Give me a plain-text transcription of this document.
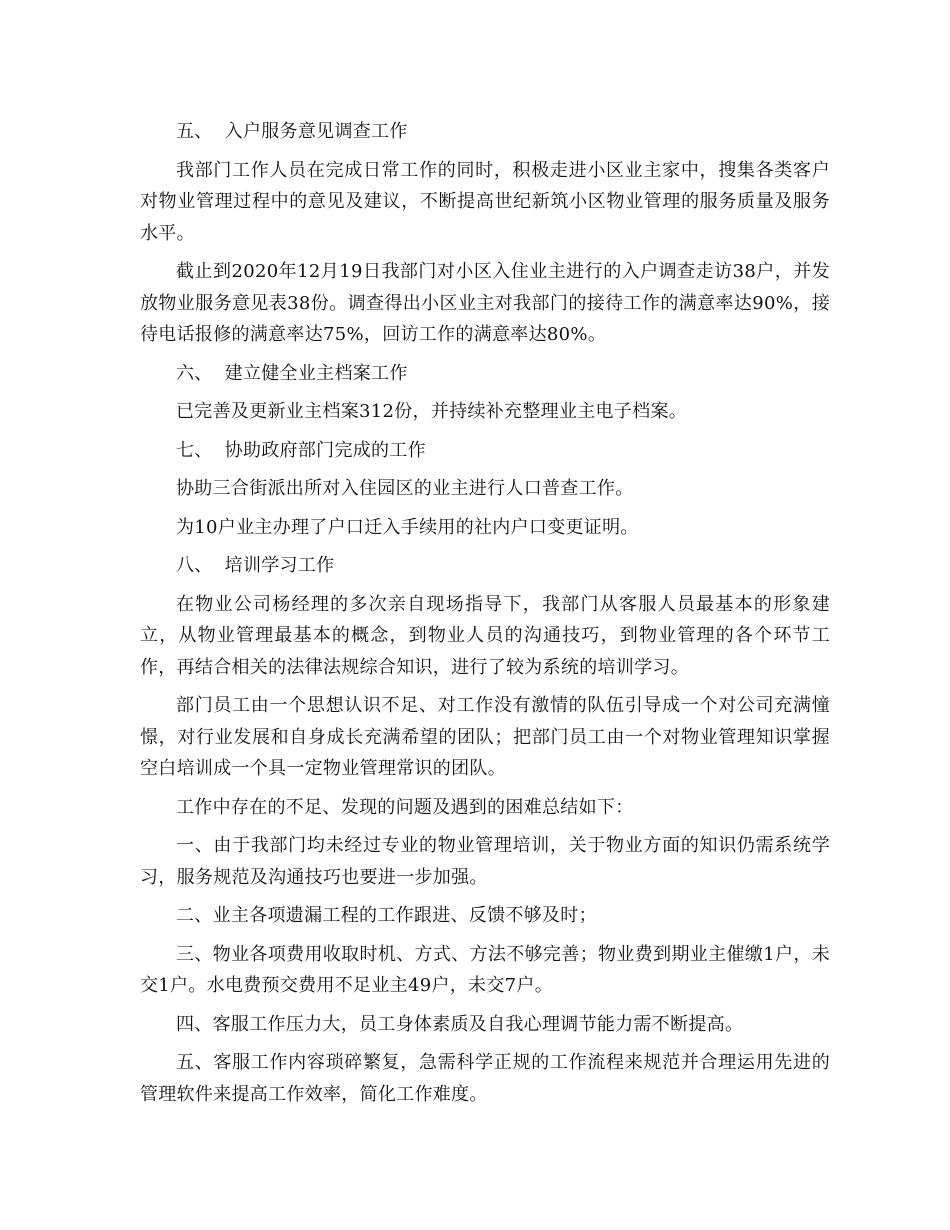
五、  入户服务意见调查工作

我部门工作人员在完成日常工作的同时，积极走进小区业主家中，搜集各类客户对物业管理过程中的意见及建议，不断提高世纪新筑小区物业管理的服务质量及服务水平。

截止到2020年12月19日我部门对小区入住业主进行的入户调查走访38户，并发放物业服务意见表38份。调查得出小区业主对我部门的接待工作的满意率达90%，接待电话报修的满意率达75%，回访工作的满意率达80%。

六、  建立健全业主档案工作

已完善及更新业主档案312份，并持续补充整理业主电子档案。

七、  协助政府部门完成的工作

协助三合街派出所对入住园区的业主进行人口普查工作。

为10户业主办理了户口迁入手续用的社内户口变更证明。

八、  培训学习工作

在物业公司杨经理的多次亲自现场指导下，我部门从客服人员最基本的形象建立，从物业管理最基本的概念，到物业人员的沟通技巧，到物业管理的各个环节工作，再结合相关的法律法规综合知识，进行了较为系统的培训学习。

部门员工由一个思想认识不足、对工作没有激情的队伍引导成一个对公司充满憧憬，对行业发展和自身成长充满希望的团队；把部门员工由一个对物业管理知识掌握空白培训成一个具一定物业管理常识的团队。

工作中存在的不足、发现的问题及遇到的困难总结如下：

一、由于我部门均未经过专业的物业管理培训，关于物业方面的知识仍需系统学习，服务规范及沟通技巧也要进一步加强。

二、业主各项遗漏工程的工作跟进、反馈不够及时；

三、物业各项费用收取时机、方式、方法不够完善；物业费到期业主催缴1户，未交1户。水电费预交费用不足业主49户，未交7户。

四、客服工作压力大，员工身体素质及自我心理调节能力需不断提高。

五、客服工作内容琐碎繁复，急需科学正规的工作流程来规范并合理运用先进的管理软件来提高工作效率，简化工作难度。
